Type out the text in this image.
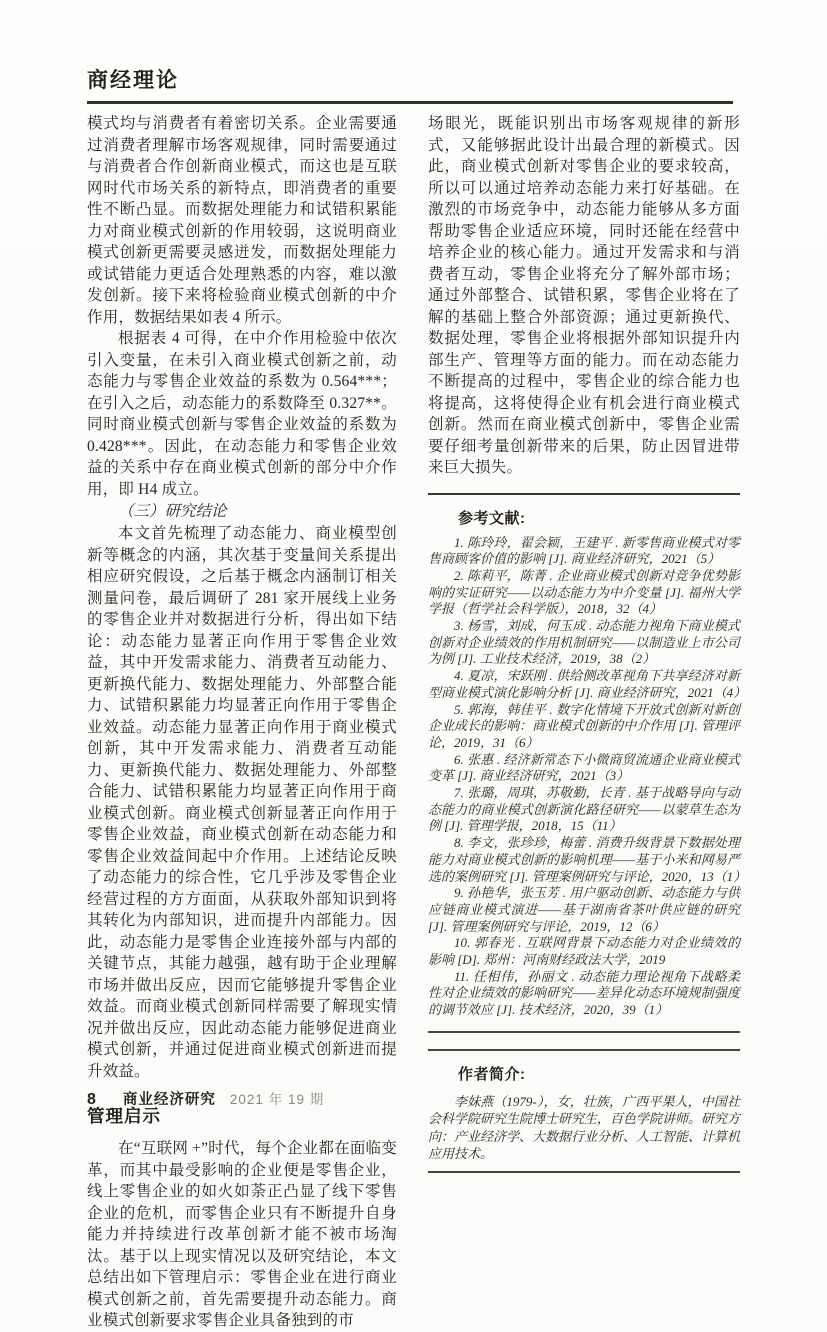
商经理论

模式均与消费者有着密切关系。企业需要通过消费者理解市场客观规律，同时需要通过与消费者合作创新商业模式，而这也是互联网时代市场关系的新特点，即消费者的重要性不断凸显。而数据处理能力和试错积累能力对商业模式创新的作用较弱，这说明商业模式创新更需要灵感迸发，而数据处理能力或试错能力更适合处理熟悉的内容，难以激发创新。接下来将检验商业模式创新的中介作用，数据结果如表 4 所示。

根据表 4 可得，在中介作用检验中依次引入变量，在未引入商业模式创新之前，动态能力与零售企业效益的系数为 0.564***；在引入之后，动态能力的系数降至 0.327**。同时商业模式创新与零售企业效益的系数为 0.428***。因此，在动态能力和零售企业效益的关系中存在商业模式创新的部分中介作用，即 H4 成立。

（三）研究结论

本文首先梳理了动态能力、商业模型创新等概念的内涵，其次基于变量间关系提出相应研究假设，之后基于概念内涵制订相关测量问卷，最后调研了 281 家开展线上业务的零售企业并对数据进行分析，得出如下结论：动态能力显著正向作用于零售企业效益，其中开发需求能力、消费者互动能力、更新换代能力、数据处理能力、外部整合能力、试错积累能力均显著正向作用于零售企业效益。动态能力显著正向作用于商业模式创新，其中开发需求能力、消费者互动能力、更新换代能力、数据处理能力、外部整合能力、试错积累能力均显著正向作用于商业模式创新。商业模式创新显著正向作用于零售企业效益，商业模式创新在动态能力和零售企业效益间起中介作用。上述结论反映了动态能力的综合性，它几乎涉及零售企业经营过程的方方面面，从获取外部知识到将其转化为内部知识，进而提升内部能力。因此，动态能力是零售企业连接外部与内部的关键节点，其能力越强，越有助于企业理解市场并做出反应，因而它能够提升零售企业效益。而商业模式创新同样需要了解现实情况并做出反应，因此动态能力能够促进商业模式创新，并通过促进商业模式创新进而提升效益。

管理启示

在“互联网 +”时代，每个企业都在面临变革，而其中最受影响的企业便是零售企业，线上零售企业的如火如荼正凸显了线下零售企业的危机，而零售企业只有不断提升自身能力并持续进行改革创新才能不被市场淘汰。基于以上现实情况以及研究结论，本文总结出如下管理启示：零售企业在进行商业模式创新之前，首先需要提升动态能力。商业模式创新要求零售企业具备独到的市

场眼光，既能识别出市场客观规律的新形式，又能够据此设计出最合理的新模式。因此，商业模式创新对零售企业的要求较高，所以可以通过培养动态能力来打好基础。在激烈的市场竞争中，动态能力能够从多方面帮助零售企业适应环境，同时还能在经营中培养企业的核心能力。通过开发需求和与消费者互动，零售企业将充分了解外部市场；通过外部整合、试错积累，零售企业将在了解的基础上整合外部资源；通过更新换代、数据处理，零售企业将根据外部知识提升内部生产、管理等方面的能力。而在动态能力不断提高的过程中，零售企业的综合能力也将提高，这将使得企业有机会进行商业模式创新。然而在商业模式创新中，零售企业需要仔细考量创新带来的后果，防止因冒进带来巨大损失。

参考文献:
1. 陈玲玲，翟会颖，王建平 . 新零售商业模式对零售商顾客价值的影响 [J]. 商业经济研究，2021（5）
2. 陈莉平，陈菁 . 企业商业模式创新对竞争优势影响的实证研究——以动态能力为中介变量 [J]. 福州大学学报（哲学社会科学版），2018，32（4）
3. 杨雪，刘成，何玉成 . 动态能力视角下商业模式创新对企业绩效的作用机制研究——以制造业上市公司为例 [J]. 工业技术经济，2019，38（2）
4. 夏凉，宋跃刚 . 供给侧改革视角下共享经济对新型商业模式演化影响分析 [J]. 商业经济研究，2021（4）
5. 郭海，韩佳平 . 数字化情境下开放式创新对新创企业成长的影响：商业模式创新的中介作用 [J]. 管理评论，2019，31（6）
6. 张惠 . 经济新常态下小微商贸流通企业商业模式变革 [J]. 商业经济研究，2021（3）
7. 张璐，周琪，苏敬勤，长青 . 基于战略导向与动态能力的商业模式创新演化路径研究——以蒙草生态为例 [J]. 管理学报，2018，15（11）
8. 李文，张珍珍，梅蕾 . 消费升级背景下数据处理能力对商业模式创新的影响机理——基于小米和网易严选的案例研究 [J]. 管理案例研究与评论，2020，13（1）
9. 孙艳华，张玉芳 . 用户驱动创新、动态能力与供应链商业模式演进——基于湖南省茶叶供应链的研究 [J]. 管理案例研究与评论，2019，12（6）
10. 郭春光 . 互联网背景下动态能力对企业绩效的影响 [D]. 郑州：河南财经政法大学，2019
11. 任相伟，孙丽文 . 动态能力理论视角下战略柔性对企业绩效的影响研究——差异化动态环境规制强度的调节效应 [J]. 技术经济，2020，39（1）
作者简介:

李妹燕（1979-），女，壮族，广西平果人，中国社会科学院研究生院博士研究生，百色学院讲师。研究方向：产业经济学、大数据行业分析、人工智能、计算机应用技术。

8 商业经济研究 2021 年 19 期
